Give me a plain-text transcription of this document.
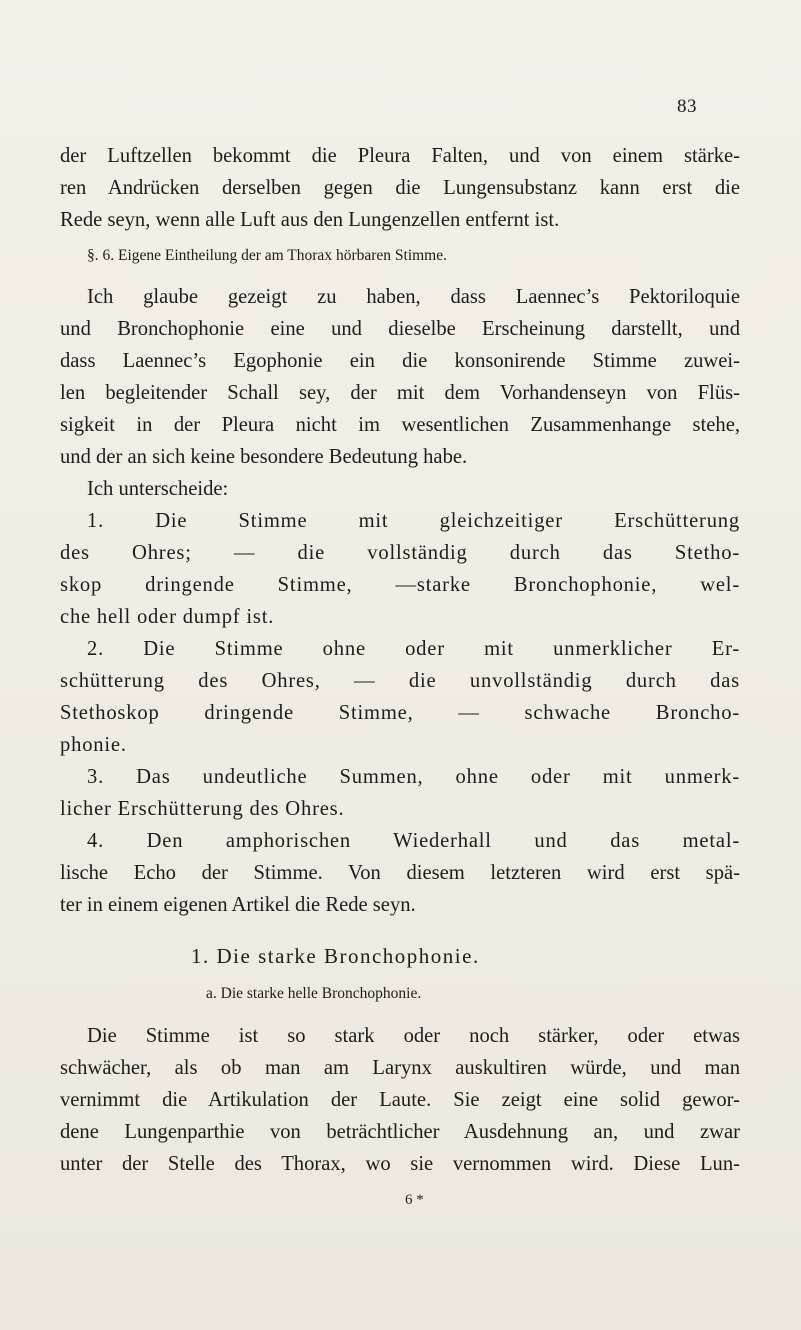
83
der Luftzellen bekommt die Pleura Falten, und von einem stärke-
ren Andrücken derselben gegen die Lungensubstanz kann erst die
Rede seyn, wenn alle Luft aus den Lungenzellen entfernt ist.
§. 6. Eigene Eintheilung der am Thorax hörbaren Stimme.
Ich glaube gezeigt zu haben, dass Laennec’s Pektoriloquie
und Bronchophonie eine und dieselbe Erscheinung darstellt, und
dass Laennec’s Egophonie ein die konsonirende Stimme zuwei-
len begleitender Schall sey, der mit dem Vorhandenseyn von Flüs-
sigkeit in der Pleura nicht im wesentlichen Zusammenhange stehe,
und der an sich keine besondere Bedeutung habe.
Ich unterscheide:
1. Die Stimme mit gleichzeitiger Erschütterung
des Ohres; — die vollständig durch das Stetho-
skop dringende Stimme, —starke Bronchophonie, wel-
che hell oder dumpf ist.
2. Die Stimme ohne oder mit unmerklicher Er-
schütterung des Ohres, — die unvollständig durch das
Stethoskop dringende Stimme, — schwache Broncho-
phonie.
3. Das undeutliche Summen, ohne oder mit unmerk-
licher Erschütterung des Ohres.
4. Den amphorischen Wiederhall und das metal-
lische Echo der Stimme. Von diesem letzteren wird erst spä-
ter in einem eigenen Artikel die Rede seyn.
1. Die starke Bronchophonie.
a. Die starke helle Bronchophonie.
Die Stimme ist so stark oder noch stärker, oder etwas
schwächer, als ob man am Larynx auskultiren würde, und man
vernimmt die Artikulation der Laute. Sie zeigt eine solid gewor-
dene Lungenparthie von beträchtlicher Ausdehnung an, und zwar
unter der Stelle des Thorax, wo sie vernommen wird. Diese Lun-
6 *
